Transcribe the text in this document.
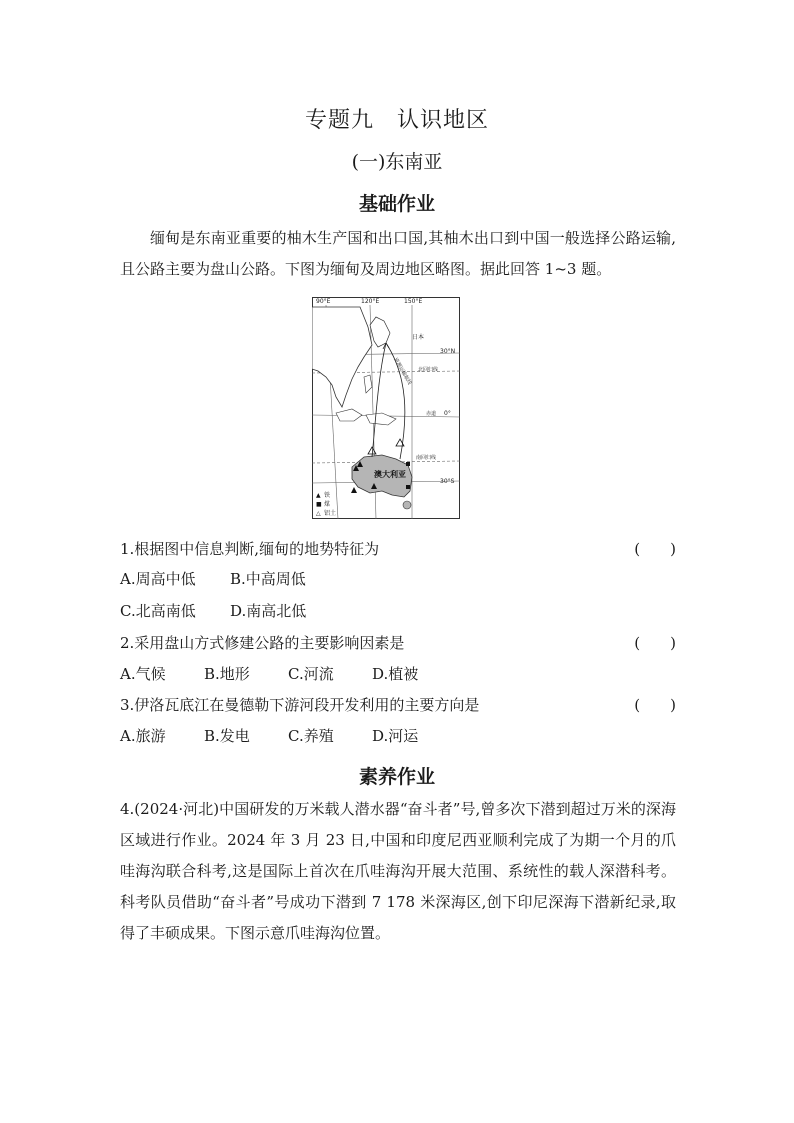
专题九　认识地区
(一)东南亚
基础作业
缅甸是东南亚重要的柚木生产国和出口国,其柚木出口到中国一般选择公路运输,且公路主要为盘山公路。下图为缅甸及周边地区略图。据此回答 1~3 题。
90°E	120°E	150°E
30°N
0°
30°S
日本
澳大利亚
北回归线
赤道
南回归线
资源运输航线
▲ 铁
■ 煤
△ 铝土
1.根据图中信息判断,缅甸的地势特征为	(　　)
A.周高中低 B.中高周低
C.北高南低 D.南高北低
2.采用盘山方式修建公路的主要影响因素是	(　　)
A.气候	B.地形	C.河流	D.植被
3.伊洛瓦底江在曼德勒下游河段开发利用的主要方向是	(　　)
A.旅游	B.发电	C.养殖	D.河运
素养作业
4.(2024·河北)中国研发的万米载人潜水器“奋斗者”号,曾多次下潜到超过万米的深海区域进行作业。2024 年 3 月 23 日,中国和印度尼西亚顺利完成了为期一个月的爪哇海沟联合科考,这是国际上首次在爪哇海沟开展大范围、系统性的载人深潜科考。科考队员借助“奋斗者”号成功下潜到 7 178 米深海区,创下印尼深海下潜新纪录,取得了丰硕成果。下图示意爪哇海沟位置。
